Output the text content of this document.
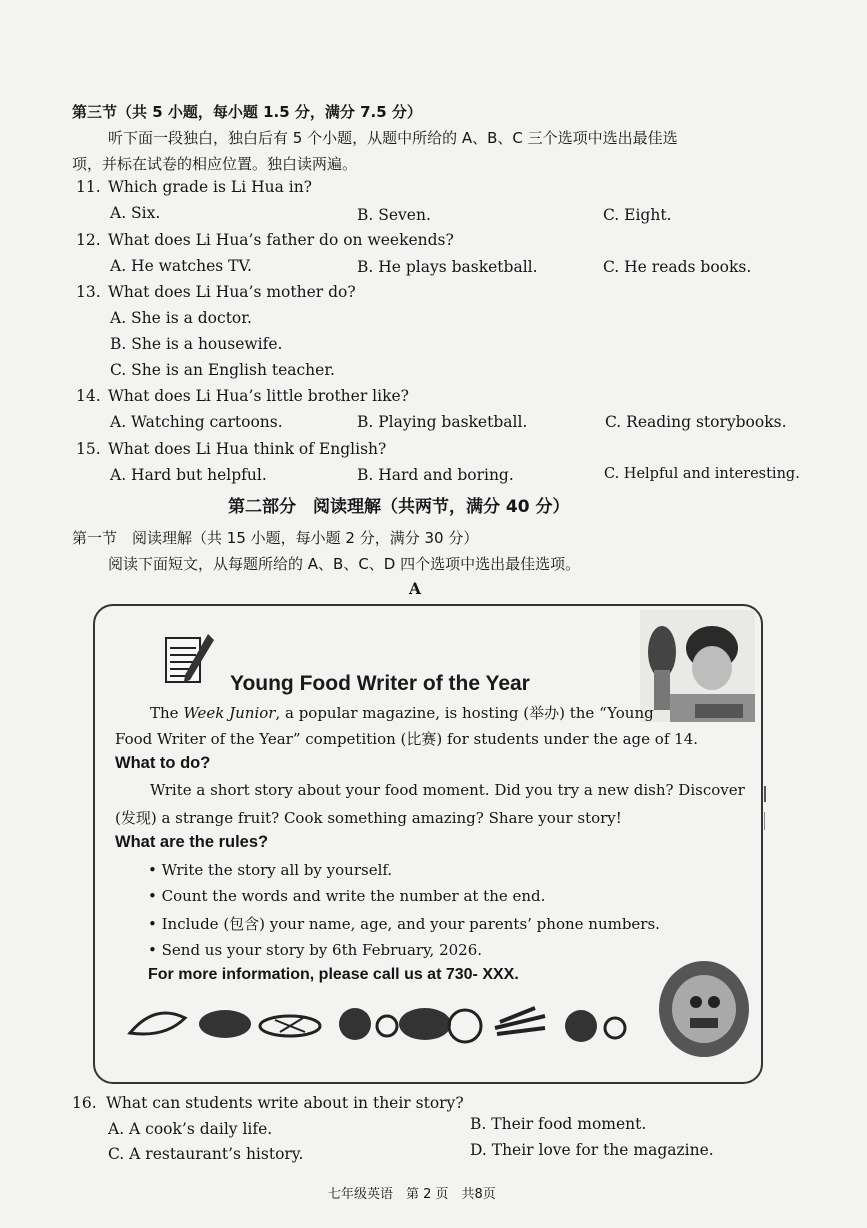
第三节（共 5 小题，每小题 1.5 分，满分 7.5 分）
听下面一段独白，独白后有 5 个小题，从题中所给的 A、B、C 三个选项中选出最佳选
项，并标在试卷的相应位置。独白读两遍。
11. Which grade is Li Hua in?
A. Six.	B. Seven.	C. Eight.
12. What does Li Hua’s father do on weekends?
A. He watches TV.	B. He plays basketball.	C. He reads books.
13. What does Li Hua’s mother do?
A. She is a doctor.
B. She is a housewife.
C. She is an English teacher.
14. What does Li Hua’s little brother like?
A. Watching cartoons.	B. Playing basketball.	C. Reading storybooks.
15. What does Li Hua think of English?
A. Hard but helpful.	B. Hard and boring.	C. Helpful and interesting.
第二部分　阅读理解（共两节，满分 40 分）
第一节　阅读理解（共 15 小题，每小题 2 分，满分 30 分）
阅读下面短文，从每题所给的 A、B、C、D 四个选项中选出最佳选项。
A
Young Food Writer of the Year
The Week Junior, a popular magazine, is hosting (举办) the “Young
Food Writer of the Year” competition (比赛) for students under the age of 14.
What to do?
Write a short story about your food moment. Did you try a new dish? Discover
(发现) a strange fruit? Cook something amazing? Share your story!
What are the rules?
• Write the story all by yourself.
• Count the words and write the number at the end.
• Include (包含) your name, age, and your parents’ phone numbers.
• Send us your story by 6th February, 2026.
For more information, please call us at 730- XXX.
16. What can students write about in their story?
A. A cook’s daily life.	B. Their food moment.
C. A restaurant’s history.	D. Their love for the magazine.
七年级英语　第 2 页　共8页
